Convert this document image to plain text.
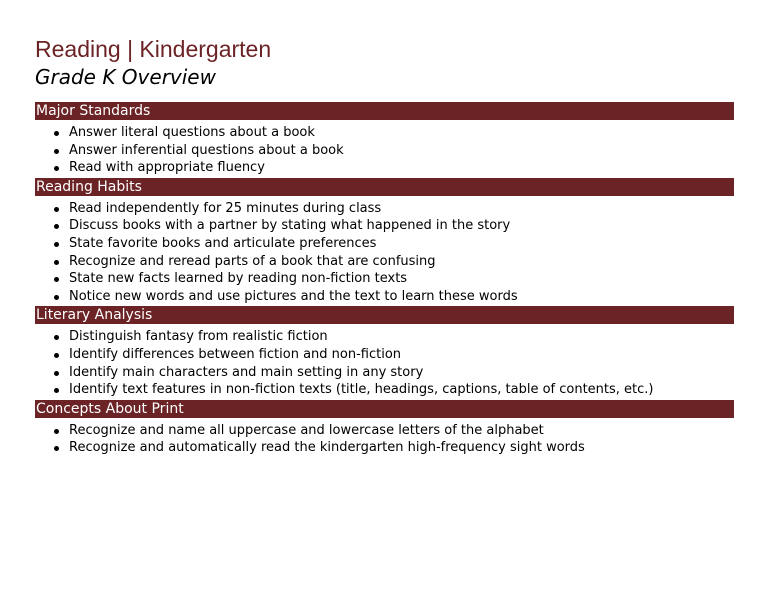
Reading | Kindergarten
Grade K Overview
Major Standards
Answer literal questions about a book
Answer inferential questions about a book
Read with appropriate fluency
Reading Habits
Read independently for 25 minutes during class
Discuss books with a partner by stating what happened in the story
State favorite books and articulate preferences
Recognize and reread parts of a book that are confusing
State new facts learned by reading non-fiction texts
Notice new words and use pictures and the text to learn these words
Literary Analysis
Distinguish fantasy from realistic fiction
Identify differences between fiction and non-fiction
Identify main characters and main setting in any story
Identify text features in non-fiction texts (title, headings, captions, table of contents, etc.)
Concepts About Print
Recognize and name all uppercase and lowercase letters of the alphabet
Recognize and automatically read the kindergarten high-frequency sight words
